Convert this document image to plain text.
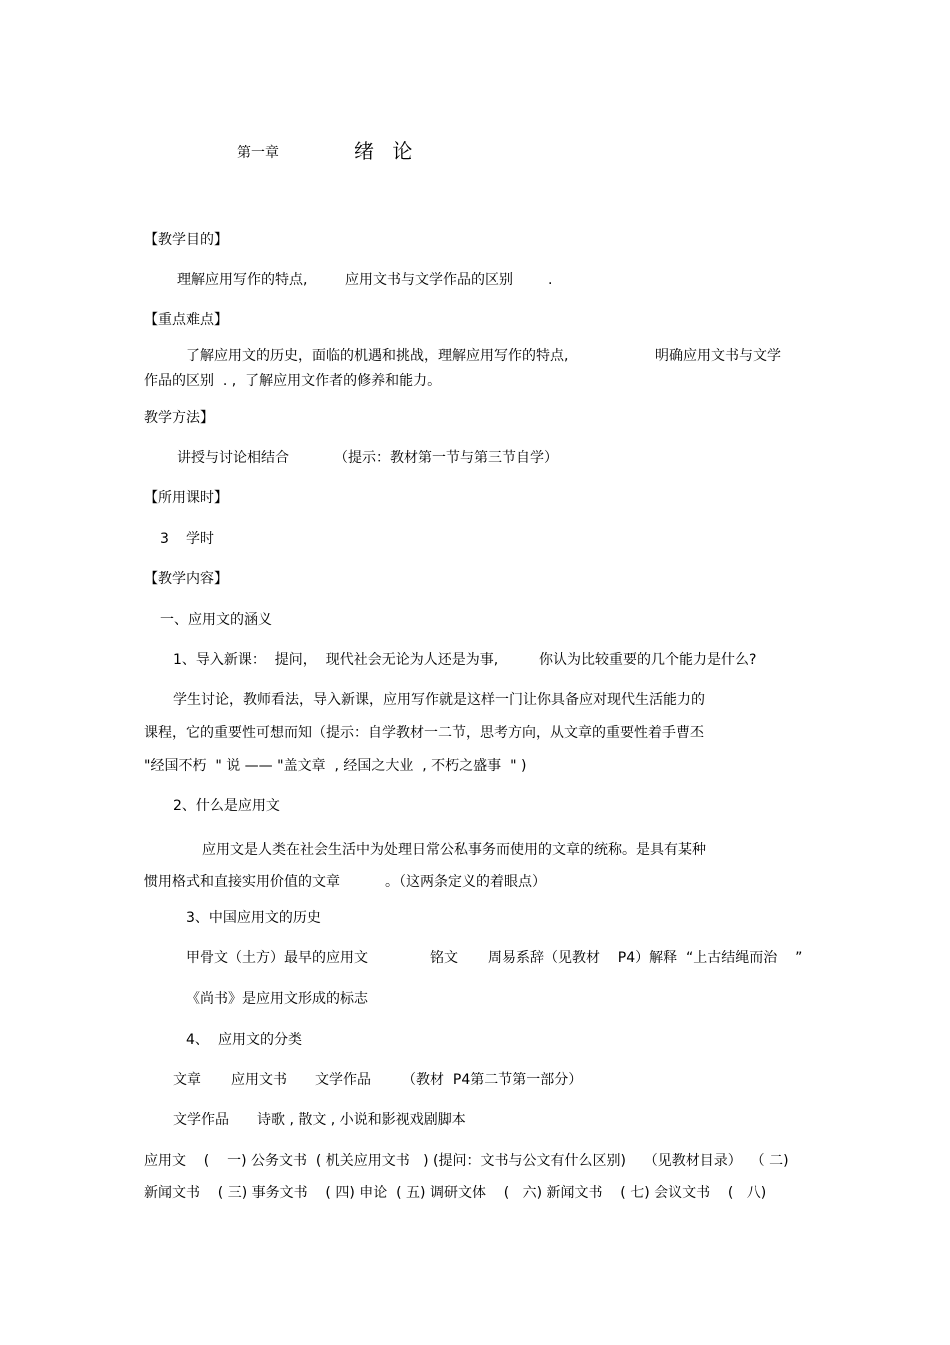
第一章	绪 论
【教学目的】
理解应用写作的特点,	应用文书与文学作品的区别	.
【重点难点】
了解应用文的历史，面临的机遇和挑战，理解应用写作的特点,	明确应用文书与文学
作品的区别  . ,  了解应用文作者的修养和能力。
教学方法】
讲授与讨论相结合	（提示：教材第一节与第三节自学）
【所用课时】
3 学时
【教学内容】
一、应用文的涵义
1、导入新课：  提问，  现代社会无论为人还是为事,	你认为比较重要的几个能力是什么?
学生讨论，教师看法，导入新课，应用写作就是这样一门让你具备应对现代生活能力的
课程，它的重要性可想而知（提示：自学教材一二节，思考方向，从文章的重要性着手曹丕
"经国不朽  " 说 —— "盖文章  , 经国之大业  , 不朽之盛事  " )
2、什么是应用文
应用文是人类在社会生活中为处理日常公私事务而使用的文章的统称。是具有某种
惯用格式和直接实用价值的文章	。（这两条定义的着眼点）
3、中国应用文的历史
甲骨文（土方）最早的应用文	铭文 周易系辞（见教材    P4）解释  “上古结绳而治    ”
《尚书》是应用文形成的标志
4、 应用文的分类
文章 应用文书 文学作品 （教材  P4第二节第一部分）
文学作品 诗歌 , 散文 , 小说和影视戏剧脚本
应用文    (    一) 公务文书  ( 机关应用文书   ) (提问：文书与公文有什么区别)    （见教材目录）  （ 二)
新闻文书    ( 三) 事务文书    ( 四) 申论  ( 五) 调研文体    (   六) 新闻文书    ( 七) 会议文书    (   八)
